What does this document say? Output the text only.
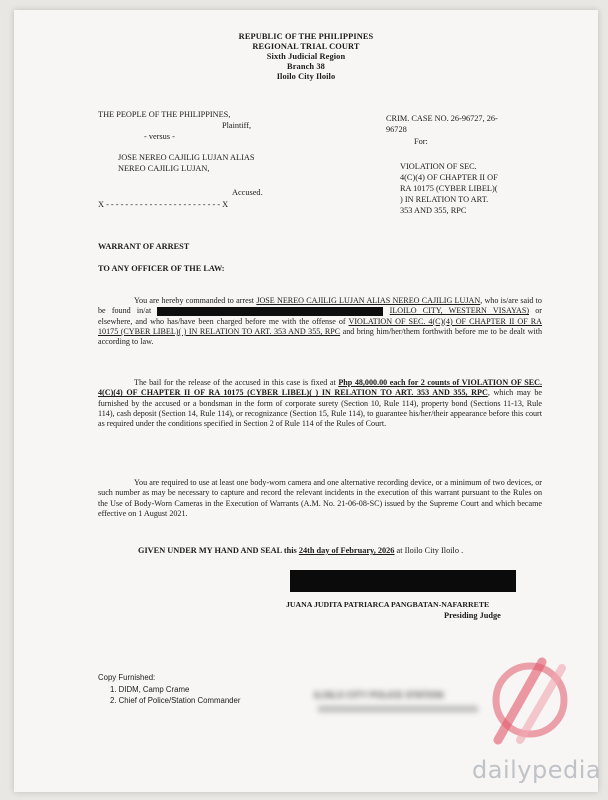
REPUBLIC OF THE PHILIPPINES
REGIONAL TRIAL COURT
Sixth Judicial Region
Branch 38
Iloilo City Iloilo
THE PEOPLE OF THE PHILIPPINES,
Plaintiff,
- versus -
JOSE NEREO CAJILIG LUJAN ALIAS
NEREO CAJILIG LUJAN,
Accused.
X - - - - - - - - - - - - - - - - - - - - - - - - X
CRIM. CASE NO. 26-96727, 26-
96728
For:
VIOLATION OF SEC.
4(C)(4) OF CHAPTER II OF
RA 10175 (CYBER LIBEL)(
) IN RELATION TO ART.
353 AND 355, RPC
WARRANT OF ARREST
TO ANY OFFICER OF THE LAW:
You are hereby commanded to arrest JOSE NEREO CAJILIG LUJAN ALIAS NEREO CAJILIG LUJAN, who is/are said to be found in/at	ILOILO CITY, WESTERN VISAYAS) or elsewhere, and who has/have been charged before me with the offense of VIOLATION OF SEC. 4(C)(4) OF CHAPTER II OF RA 10175 (CYBER LIBEL)( ) IN RELATION TO ART. 353 AND 355, RPC and bring him/her/them forthwith before me to be dealt with according to law.
The bail for the release of the accused in this case is fixed at Php 48,000.00 each for 2 counts of VIOLATION OF SEC. 4(C)(4) OF CHAPTER II OF RA 10175 (CYBER LIBEL)( ) IN RELATION TO ART. 353 AND 355, RPC, which may be furnished by the accused or a bondsman in the form of corporate surety (Section 10, Rule 114), property bond (Sections 11-13, Rule 114), cash deposit (Section 14, Rule 114), or recognizance (Section 15, Rule 114), to guarantee his/her/their appearance before this court as required under the conditions specified in Section 2 of Rule 114 of the Rules of Court.
You are required to use at least one body-worn camera and one alternative recording device, or a minimum of two devices, or such number as may be necessary to capture and record the relevant incidents in the execution of this warrant pursuant to the Rules on the Use of Body-Worn Cameras in the Execution of Warrants (A.M. No. 21-06-08-SC) issued by the Supreme Court and which became effective on 1 August 2021.
GIVEN UNDER MY HAND AND SEAL this 24th day of February, 2026 at Iloilo City Iloilo .
JUANA JUDITA PATRIARCA PANGBATAN-NAFARRETE
Presiding Judge
Copy Furnished:
1. DIDM, Camp Crame
2. Chief of Police/Station Commander
ILOILO CITY POLICE STATION
dailypedia
